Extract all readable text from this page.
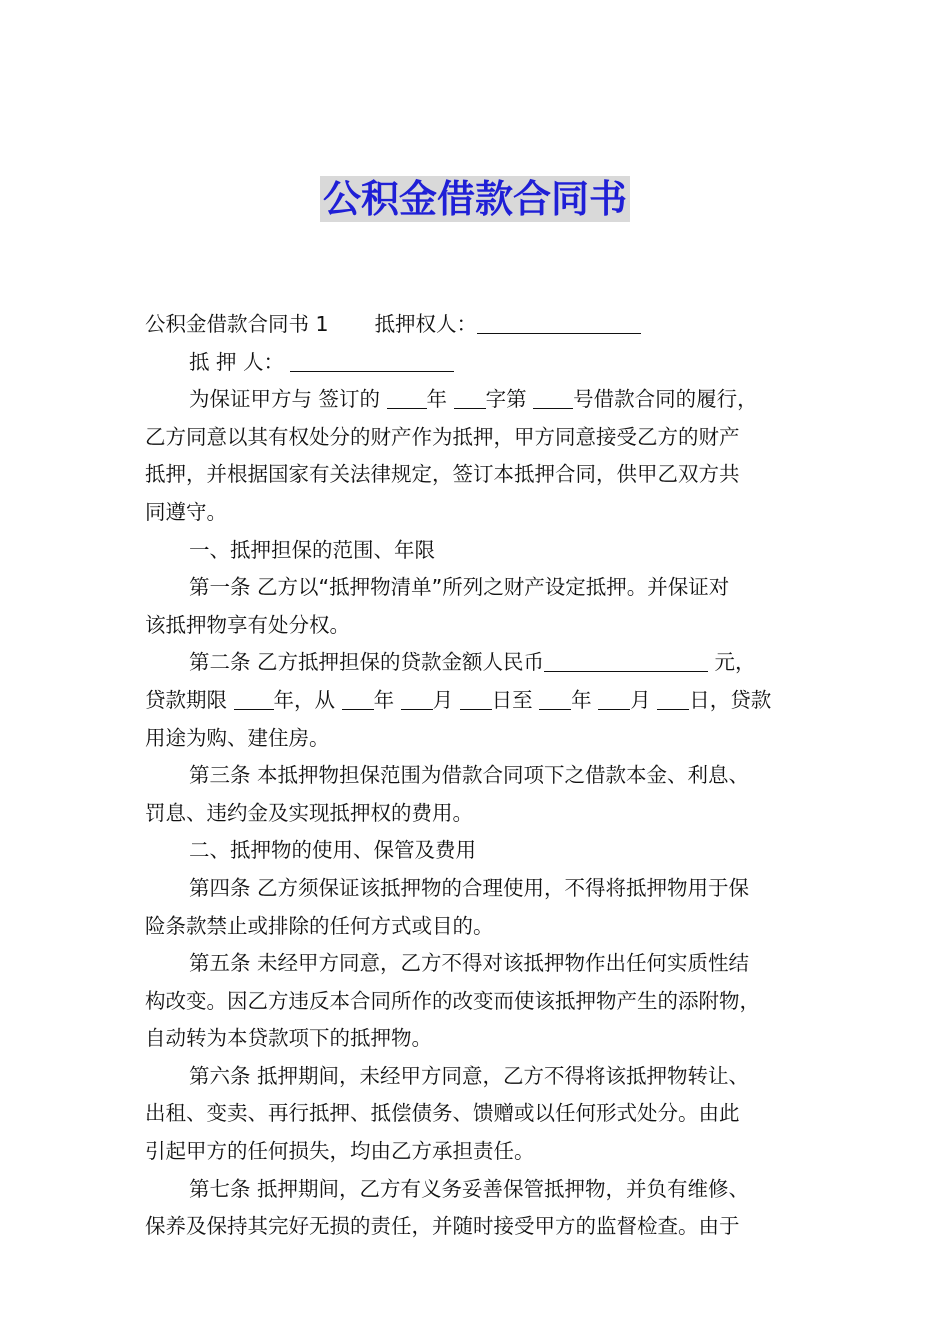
公积金借款合同书
公积金借款合同书 1 抵押权人：
抵 押 人：
为保证甲方与 签订的 年 字第 号借款合同的履行，
乙方同意以其有权处分的财产作为抵押，甲方同意接受乙方的财产
抵押，并根据国家有关法律规定，签订本抵押合同，供甲乙双方共
同遵守。
一、抵押担保的范围、年限
第一条 乙方以“抵押物清单”所列之财产设定抵押。并保证对
该抵押物享有处分权。
第二条 乙方抵押担保的贷款金额人民币	元，
贷款期限 年，从 年 月 日至 年 月 日，贷款
用途为购、建住房。
第三条 本抵押物担保范围为借款合同项下之借款本金、利息、
罚息、违约金及实现抵押权的费用。
二、抵押物的使用、保管及费用
第四条 乙方须保证该抵押物的合理使用，不得将抵押物用于保
险条款禁止或排除的任何方式或目的。
第五条 未经甲方同意，乙方不得对该抵押物作出任何实质性结
构改变。因乙方违反本合同所作的改变而使该抵押物产生的添附物，
自动转为本贷款项下的抵押物。
第六条 抵押期间，未经甲方同意，乙方不得将该抵押物转让、
出租、变卖、再行抵押、抵偿债务、馈赠或以任何形式处分。由此
引起甲方的任何损失，均由乙方承担责任。
第七条 抵押期间，乙方有义务妥善保管抵押物，并负有维修、
保养及保持其完好无损的责任，并随时接受甲方的监督检查。由于
